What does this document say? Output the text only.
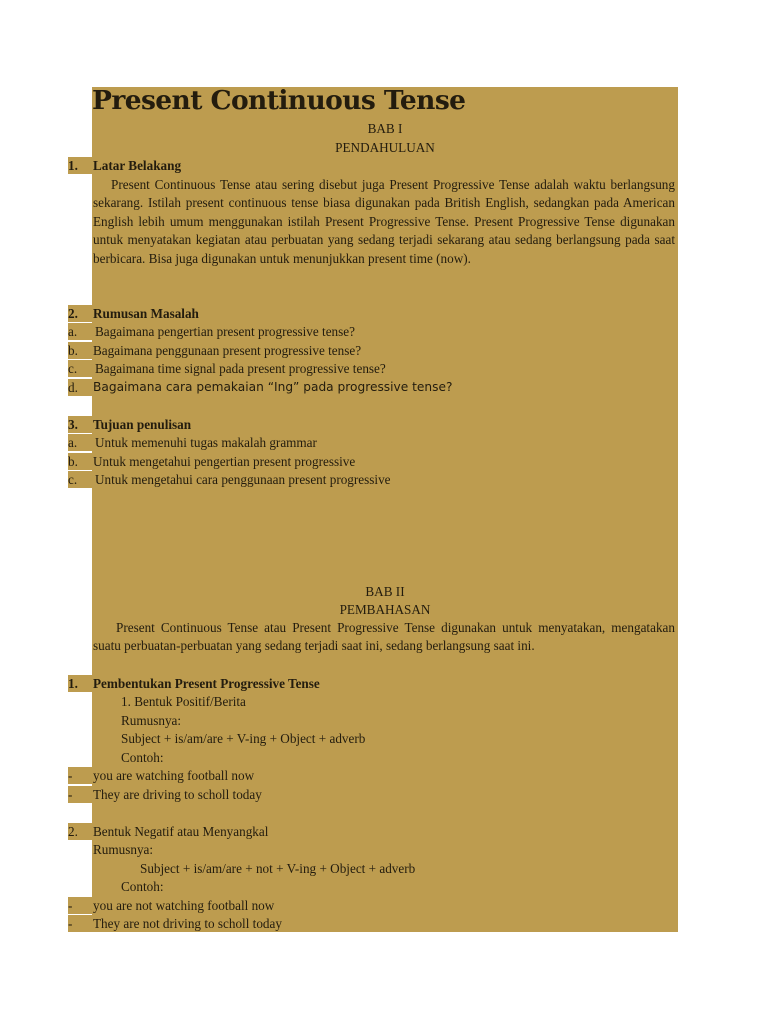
Present Continuous Tense
BAB I
PENDAHULUAN
1.	Latar Belakang
Present Continuous Tense atau sering disebut juga Present Progressive Tense adalah waktu berlangsung sekarang. Istilah present continuous tense biasa digunakan pada British English, sedangkan pada American English lebih umum menggunakan istilah Present Progressive Tense. Present Progressive Tense digunakan untuk menyatakan kegiatan atau perbuatan yang sedang terjadi sekarang atau sedang berlangsung pada saat berbicara. Bisa juga digunakan untuk menunjukkan present time (now).
2.	Rumusan Masalah
a.	Bagaimana pengertian present progressive tense?
b.	Bagaimana penggunaan present progressive tense?
c.	Bagaimana time signal pada present progressive tense?
d.	Bagaimana cara pemakaian “Ing” pada progressive tense?
3.	Tujuan penulisan
a.	Untuk memenuhi tugas makalah grammar
b.	Untuk mengetahui pengertian present progressive
c.	Untuk mengetahui cara penggunaan present progressive
BAB II
PEMBAHASAN
Present Continuous Tense atau Present Progressive Tense digunakan untuk menyatakan, mengatakan suatu perbuatan-perbuatan yang sedang terjadi saat ini, sedang berlangsung saat ini.
1.	Pembentukan Present Progressive Tense
1. Bentuk Positif/Berita
Rumusnya:
Subject + is/am/are + V-ing + Object + adverb
Contoh:
-	you are watching football now
-	They are driving to scholl today
2.	Bentuk Negatif atau Menyangkal
Rumusnya:
Subject + is/am/are + not + V-ing + Object + adverb
Contoh:
-	you are not watching football now
-	They are not driving to scholl today
